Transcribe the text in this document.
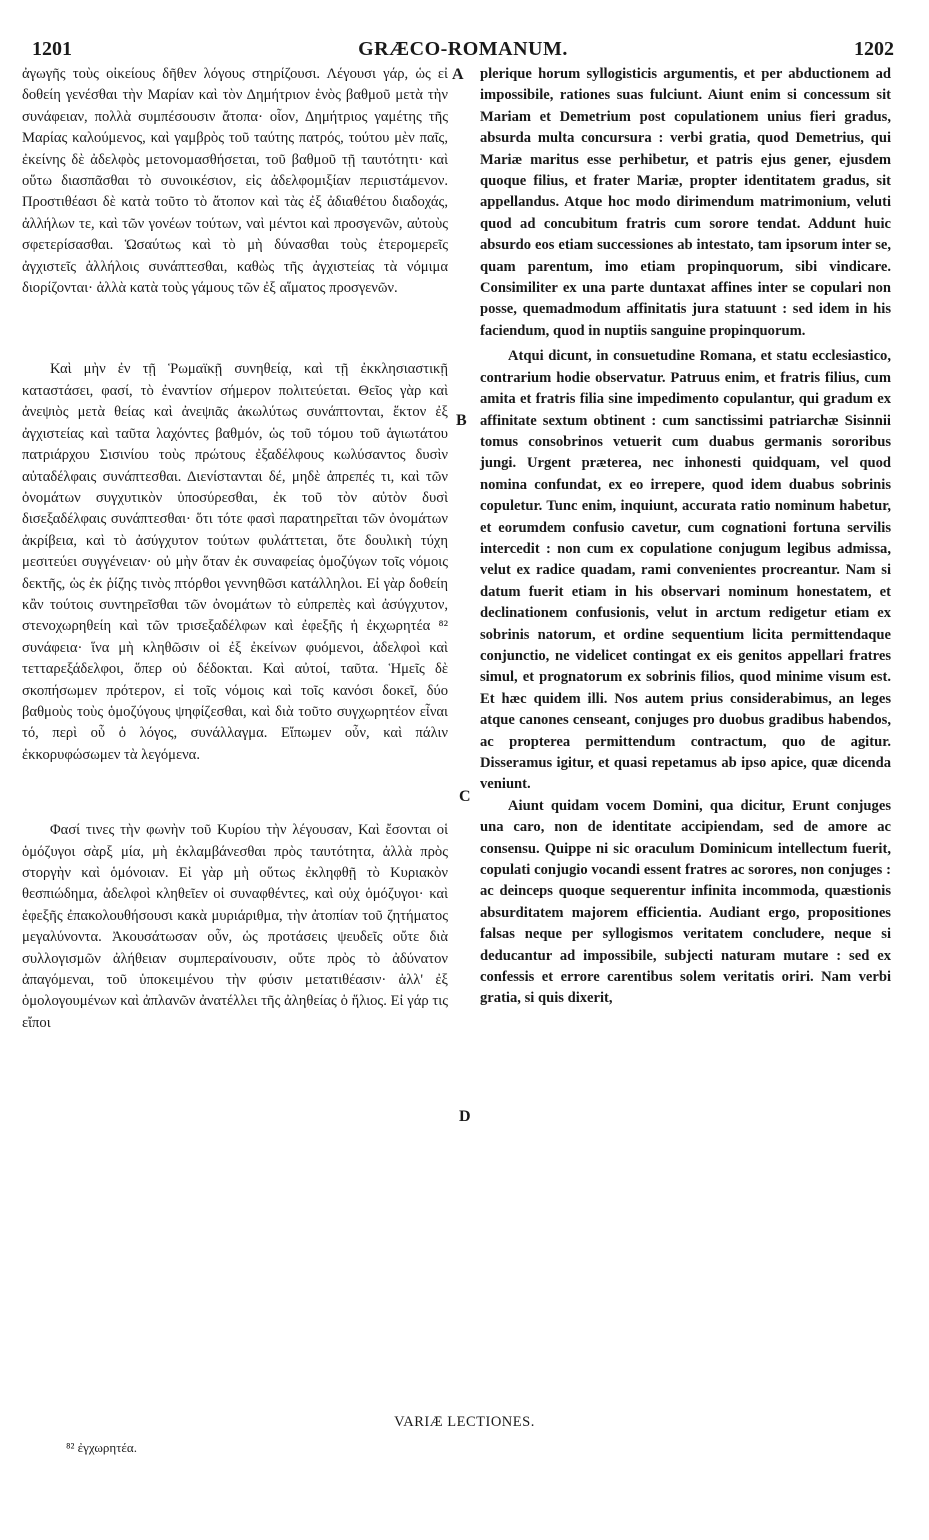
1201	GRÆCO-ROMANUM.	1202

ἀγωγῆς τοὺς οἰκείους δῆθεν λόγους στηρίζουσι. Λέγουσι γάρ, ὡς εἰ δοθείη γενέσθαι τὴν Μαρίαν καὶ τὸν Δημήτριον ἑνὸς βαθμοῦ μετὰ τὴν συνάφειαν, πολλὰ συμπέσουσιν ἄτοπα· οἷον, Δημήτριος γαμέτης τῆς Μαρίας καλούμενος, καὶ γαμβρὸς τοῦ ταύτης πατρός, τούτου μὲν παῖς, ἐκείνης δὲ ἀδελφὸς μετονομασθήσεται, τοῦ βαθμοῦ τῇ ταυτότητι· καὶ οὕτω διασπᾶσθαι τὸ συνοικέσιον, εἰς ἀδελφομιξίαν περιιστάμενον. Προστιθέασι δὲ κατὰ τοῦτο τὸ ἄτοπον καὶ τὰς ἐξ ἀδιαθέτου διαδοχάς, ἀλλήλων τε, καὶ τῶν γονέων τούτων, ναὶ μέντοι καὶ προσγενῶν, αὐτοὺς σφετερίσασθαι. Ὡσαύτως καὶ τὸ μὴ δύνασθαι τοὺς ἑτερομερεῖς ἀγχιστεῖς ἀλλήλοις συνάπτεσθαι, καθὼς τῆς ἀγχιστείας τὰ νόμιμα διορίζονται· ἀλλὰ κατὰ τοὺς γάμους τῶν ἐξ αἵματος προσγενῶν.

Καὶ μὴν ἐν τῇ Ῥωμαϊκῇ συνηθείᾳ, καὶ τῇ ἐκκλησιαστικῇ καταστάσει, φασί, τὸ ἐναντίον σήμερον πολιτεύεται. Θεῖος γὰρ καὶ ἀνεψιὸς μετὰ θείας καὶ ἀνεψιᾶς ἀκωλύτως συνάπτονται, ἕκτον ἐξ ἀγχιστείας καὶ ταῦτα λαχόντες βαθμόν, ὡς τοῦ τόμου τοῦ ἁγιωτάτου πατριάρχου Σισινίου τοὺς πρώτους ἐξαδέλφους κωλύσαντος δυσὶν αὐταδέλφαις συνάπτεσθαι. Διενίστανται δέ, μηδὲ ἀπρεπές τι, καὶ τῶν ὀνομάτων συγχυτικὸν ὑποσύρεσθαι, ἐκ τοῦ τὸν αὐτὸν δυσὶ δισεξαδέλφαις συνάπτεσθαι· ὅτι τότε φασὶ παρατηρεῖται τῶν ὀνομάτων ἀκρίβεια, καὶ τὸ ἀσύγχυτον τούτων φυλάττεται, ὅτε δουλικὴ τύχη μεσιτεύει συγγένειαν· οὐ μὴν ὅταν ἐκ συναφείας ὁμοζύγων τοῖς νόμοις δεκτῆς, ὡς ἐκ ῥίζης τινὸς πτόρθοι γεννηθῶσι κατάλληλοι. Εἰ γὰρ δοθείη κἂν τούτοις συντηρεῖσθαι τῶν ὀνομάτων τὸ εὐπρεπὲς καὶ ἀσύγχυτον, στενοχωρηθείη καὶ τῶν τρισεξαδέλφων καὶ ἐφεξῆς ἡ ἐκχωρητέα ⁸² συνάφεια· ἵνα μὴ κληθῶσιν οἱ ἐξ ἐκείνων φυόμενοι, ἀδελφοὶ καὶ τετταρεξάδελφοι, ὅπερ οὐ δέδοκται. Καὶ αὐτοί, ταῦτα. Ἡμεῖς δὲ σκοπήσωμεν πρότερον, εἰ τοῖς νόμοις καὶ τοῖς κανόσι δοκεῖ, δύο βαθμοὺς τοὺς ὁμοζύγους ψηφίζεσθαι, καὶ διὰ τοῦτο συγχωρητέον εἶναι τό, περὶ οὗ ὁ λόγος, συνάλλαγμα. Εἴπωμεν οὖν, καὶ πάλιν ἐκκορυφώσωμεν τὰ λεγόμενα.

Φασί τινες τὴν φωνὴν τοῦ Κυρίου τὴν λέγουσαν, Καὶ ἔσονται οἱ ὁμόζυγοι σὰρξ μία, μὴ ἐκλαμβάνεσθαι πρὸς ταυτότητα, ἀλλὰ πρὸς στοργὴν καὶ ὁμόνοιαν. Εἰ γὰρ μὴ οὕτως ἐκληφθῇ τὸ Κυριακὸν θεσπιώδημα, ἀδελφοὶ κληθεῖεν οἱ συναφθέντες, καὶ οὐχ ὁμόζυγοι· καὶ ἐφεξῆς ἐπακολουθήσουσι κακὰ μυριάριθμα, τὴν ἀτοπίαν τοῦ ζητήματος μεγαλύνοντα. Ἀκουσάτωσαν οὖν, ὡς προτάσεις ψευδεῖς οὔτε διὰ συλλογισμῶν ἀλήθειαν συμπεραίνουσιν, οὔτε πρὸς τὸ ἀδύνατον ἀπαγόμεναι, τοῦ ὑποκειμένου τὴν φύσιν μετατιθέασιν· ἀλλ' ἐξ ὁμολογουμένων καὶ ἀπλανῶν ἀνατέλλει τῆς ἀληθείας ὁ ἥλιος. Εἰ γάρ τις εἴποι

A
B
C
D

plerique horum syllogisticis argumentis, et per abductionem ad impossibile, rationes suas fulciunt. Aiunt enim si concessum sit Mariam et Demetrium post copulationem unius fieri gradus, absurda multa concursura : verbi gratia, quod Demetrius, qui Mariæ maritus esse perhibetur, et patris ejus gener, ejusdem quoque filius, et frater Mariæ, propter identitatem gradus, sit appellandus. Atque hoc modo dirimendum matrimonium, veluti quod ad concubitum fratris cum sorore tendat. Addunt huic absurdo eos etiam successiones ab intestato, tam ipsorum inter se, quam parentum, imo etiam propinquorum, sibi vindicare. Consimiliter ex una parte duntaxat affines inter se copulari non posse, quemadmodum affinitatis jura statuunt : sed idem in his faciendum, quod in nuptiis sanguine propinquorum.

Atqui dicunt, in consuetudine Romana, et statu ecclesiastico, contrarium hodie observatur. Patruus enim, et fratris filius, cum amita et fratris filia sine impedimento copulantur, qui gradum ex affinitate sextum obtinent : cum sanctissimi patriarchæ Sisinnii tomus consobrinos vetuerit cum duabus germanis sororibus jungi. Urgent præterea, nec inhonesti quidquam, vel quod nomina confundat, ex eo irrepere, quod idem duabus sobrinis copuletur. Tunc enim, inquiunt, accurata ratio nominum habetur, et eorumdem confusio cavetur, cum cognationi fortuna servilis intercedit : non cum ex copulatione conjugum legibus admissa, velut ex radice quadam, rami convenientes procreantur. Nam si datum fuerit etiam in his observari nominum honestatem, et declinationem confusionis, velut in arctum redigetur etiam ex sobrinis natorum, et ordine sequentium licita permittendaque conjunctio, ne videlicet contingat ex eis genitos appellari fratres simul, et prognatorum ex sobrinis filios, quod minime visum est. Et hæc quidem illi. Nos autem prius considerabimus, an leges atque canones censeant, conjuges pro duobus gradibus habendos, ac propterea permittendum contractum, quo de agitur. Disseramus igitur, et quasi repetamus ab ipso apice, quæ dicenda veniunt.

Aiunt quidam vocem Domini, qua dicitur, Erunt conjuges una caro, non de identitate accipiendam, sed de amore ac consensu. Quippe ni sic oraculum Dominicum intellectum fuerit, copulati conjugio vocandi essent fratres ac sorores, non conjuges : ac deinceps quoque sequerentur infinita incommoda, quæstionis absurditatem majorem efficientia. Audiant ergo, propositiones falsas neque per syllogismos veritatem concludere, neque si deducantur ad impossibile, subjecti naturam mutare : sed ex confessis et errore carentibus solem veritatis oriri. Nam verbi gratia, si quis dixerit,

VARIÆ LECTIONES.
⁸² ἐγχωρητέα.
